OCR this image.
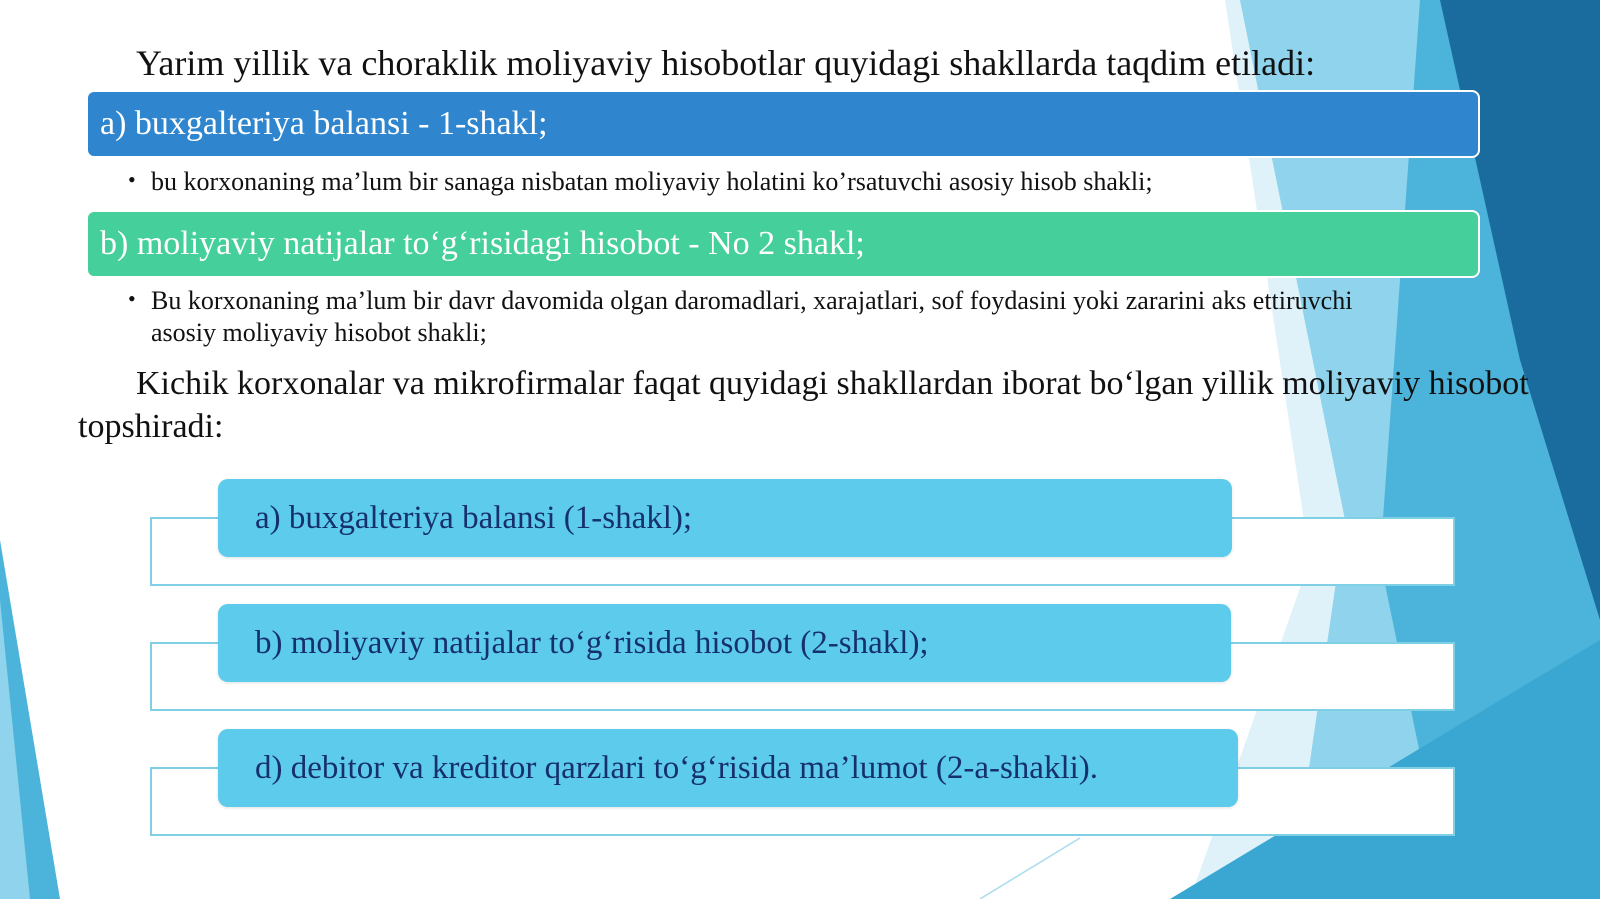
Yarim yillik va choraklik moliyaviy hisobotlar quyidagi shakllarda taqdim etiladi:
a) buxgalteriya balansi - 1-shakl;
• bu korxonaning ma’lum bir sanaga nisbatan moliyaviy holatini ko’rsatuvchi asosiy hisob shakli;
b) moliyaviy natijalar to‘g‘risidagi hisobot - No 2 shakl;
• Bu korxonaning ma’lum bir davr davomida olgan daromadlari, xarajatlari, sof foydasini yoki zararini aks ettiruvchi asosiy moliyaviy hisobot shakli;
Kichik korxonalar va mikrofirmalar faqat quyidagi shakllardan iborat bo‘lgan yillik moliyaviy hisobot topshiradi:
a) buxgalteriya balansi (1-shakl);
b) moliyaviy natijalar to‘g‘risida hisobot (2-shakl);
d) debitor va kreditor qarzlari to‘g‘risida ma’lumot (2-a-shakli).
